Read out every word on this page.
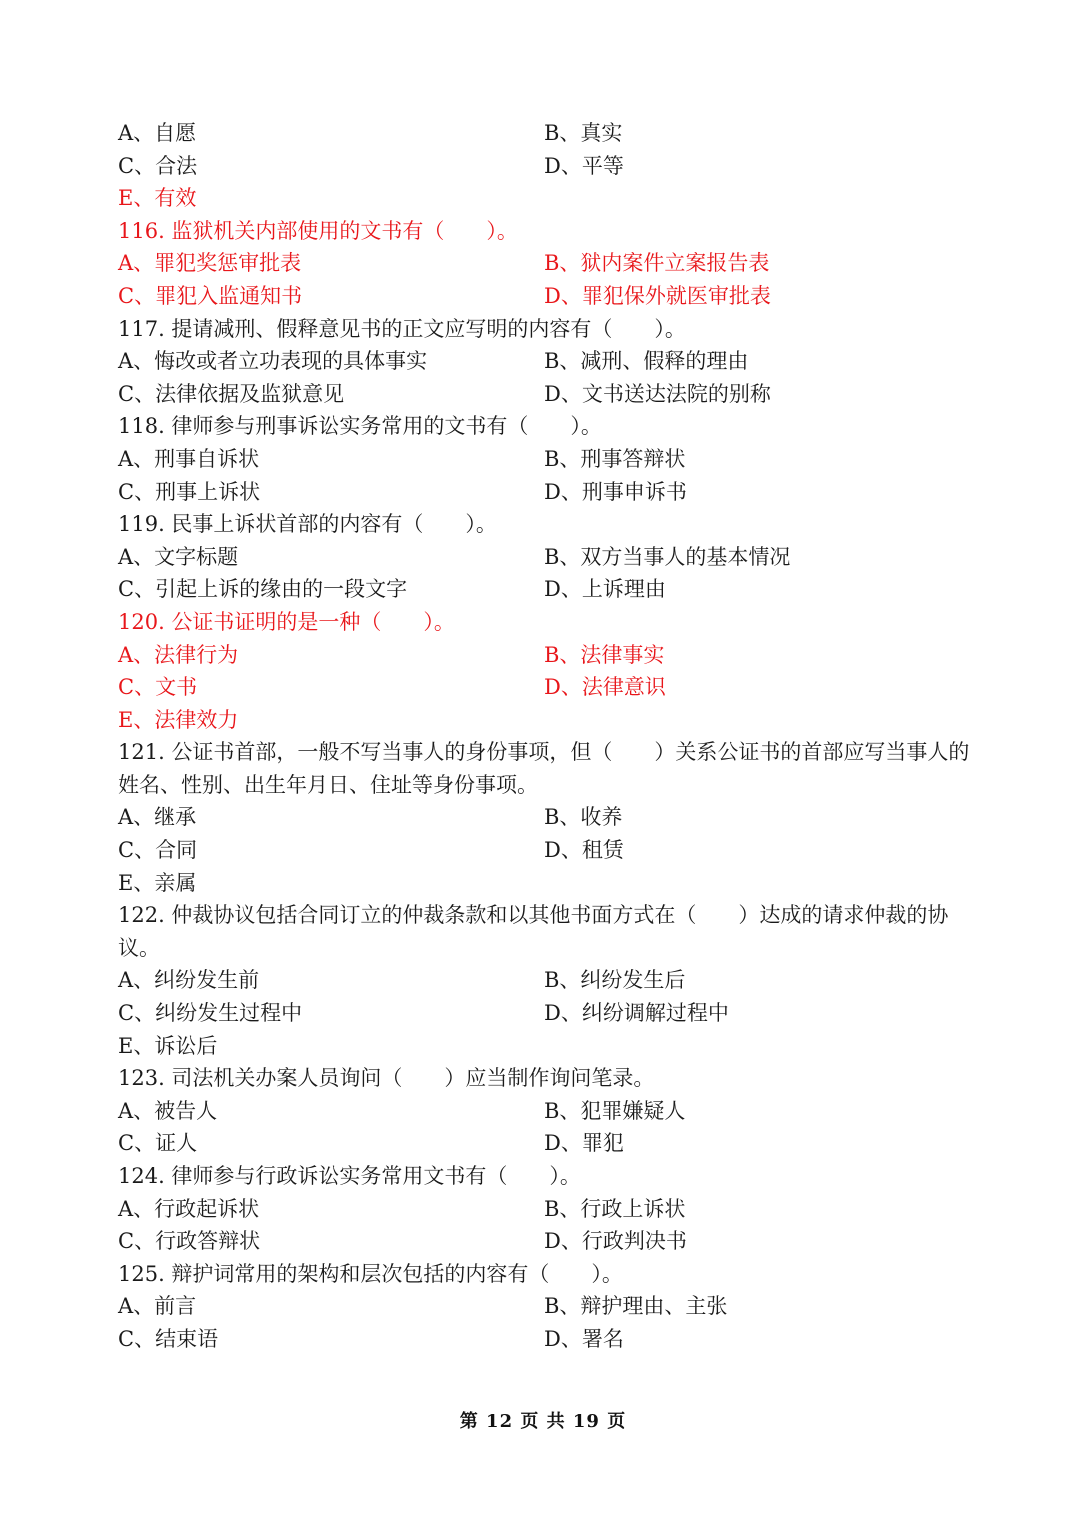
A、自愿	B、真实
C、合法	D、平等
E、有效
116. 监狱机关内部使用的文书有（　　）。
A、罪犯奖惩审批表	B、狱内案件立案报告表
C、罪犯入监通知书	D、罪犯保外就医审批表
117. 提请减刑、假释意见书的正文应写明的内容有（　　）。
A、悔改或者立功表现的具体事实	B、减刑、假释的理由
C、法律依据及监狱意见	D、文书送达法院的别称
118. 律师参与刑事诉讼实务常用的文书有（　　）。
A、刑事自诉状	B、刑事答辩状
C、刑事上诉状	D、刑事申诉书
119. 民事上诉状首部的内容有（　　）。
A、文字标题	B、双方当事人的基本情况
C、引起上诉的缘由的一段文字	D、上诉理由
120. 公证书证明的是一种（　　）。
A、法律行为	B、法律事实
C、文书	D、法律意识
E、法律效力
121. 公证书首部，一般不写当事人的身份事项，但（　　）关系公证书的首部应写当事人的姓名、性别、出生年月日、住址等身份事项。
A、继承	B、收养
C、合同	D、租赁
E、亲属
122. 仲裁协议包括合同订立的仲裁条款和以其他书面方式在（　　）达成的请求仲裁的协议。
A、纠纷发生前	B、纠纷发生后
C、纠纷发生过程中	D、纠纷调解过程中
E、诉讼后
123. 司法机关办案人员询问（　　）应当制作询问笔录。
A、被告人	B、犯罪嫌疑人
C、证人	D、罪犯
124. 律师参与行政诉讼实务常用文书有（　　）。
A、行政起诉状	B、行政上诉状
C、行政答辩状	D、行政判决书
125. 辩护词常用的架构和层次包括的内容有（　　）。
A、前言	B、辩护理由、主张
C、结束语	D、署名
第 12 页 共 19 页
